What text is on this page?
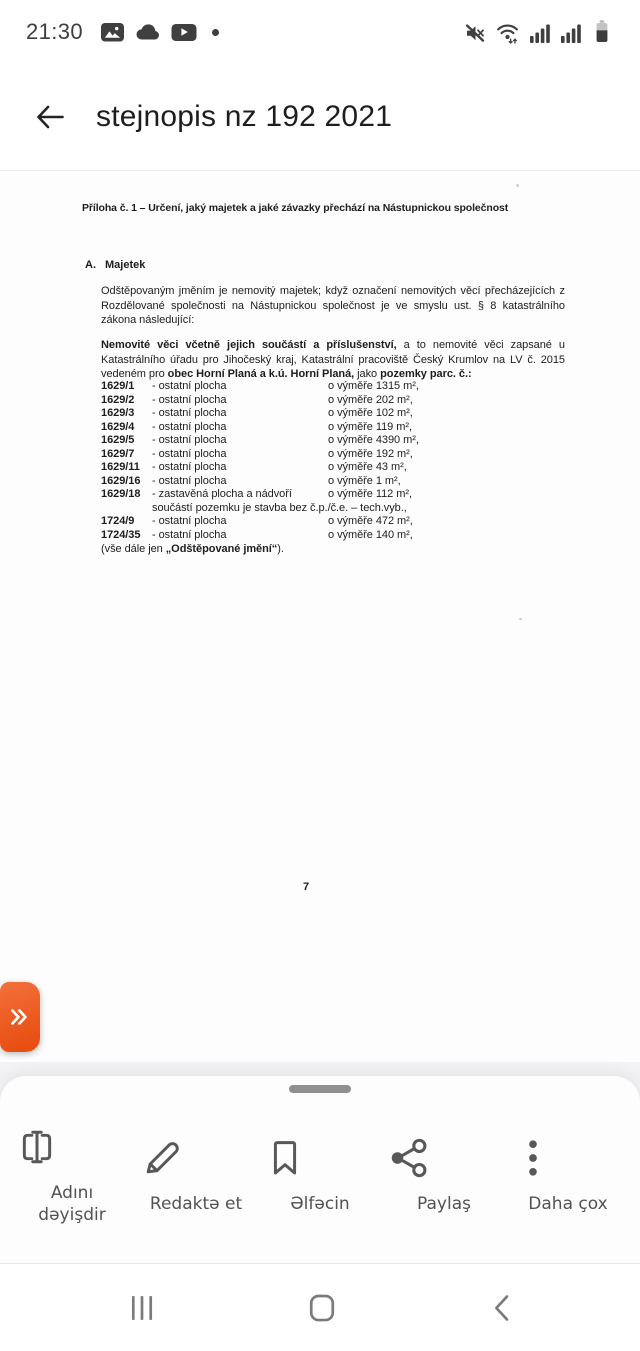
21:30
stejnopis nz 192 2021
Příloha č. 1 – Určení, jaký majetek a jaké závazky přechází na Nástupnickou společnost
A. Majetek

Odštěpovaným jměním je nemovitý majetek; když označení nemovitých věcí přecházejících z Rozdělované společnosti na Nástupnickou společnost je ve smyslu ust. § 8 katastrálního zákona následující:

Nemovité věci včetně jejich součástí a příslušenství, a to nemovité věci zapsané u Katastrálního úřadu pro Jihočeský kraj, Katastrální pracoviště Český Krumlov na LV č. 2015 vedeném pro obec Horní Planá a k.ú. Horní Planá, jako pozemky parc. č.:

1629/1	- ostatní plocha	o výměře 1315 m²,
1629/2	- ostatní plocha	o výměře 202 m²,
1629/3	- ostatní plocha	o výměře 102 m²,
1629/4	- ostatní plocha	o výměře 119 m²,
1629/5	- ostatní plocha	o výměře 4390 m²,
1629/7	- ostatní plocha	o výměře 192 m²,
1629/11	- ostatní plocha	o výměře 43 m²,
1629/16	- ostatní plocha	o výměře 1 m²,
1629/18	- zastavěná plocha a nádvoří	o výměře 112 m²,
součástí pozemku je stavba bez č.p./č.e. – tech.vyb.,
1724/9	- ostatní plocha	o výměře 472 m²,
1724/35	- ostatní plocha	o výměře 140 m²,
(vše dále jen „Odštěpované jmění“).
7
Adını dəyişdir
Redaktə et	Əlfəcin	Paylaş	Daha çox
